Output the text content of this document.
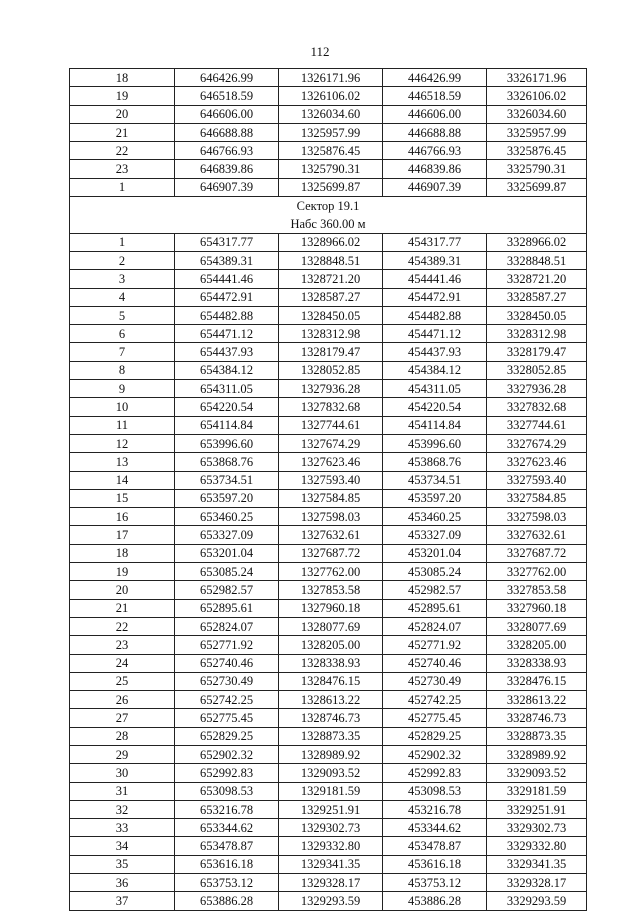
112
18	646426.99	1326171.96	446426.99	3326171.96
19	646518.59	1326106.02	446518.59	3326106.02
20	646606.00	1326034.60	446606.00	3326034.60
21	646688.88	1325957.99	446688.88	3325957.99
22	646766.93	1325876.45	446766.93	3325876.45
23	646839.86	1325790.31	446839.86	3325790.31
1	646907.39	1325699.87	446907.39	3325699.87
Сектор 19.1				
Набс 360.00 м				
1	654317.77	1328966.02	454317.77	3328966.02
2	654389.31	1328848.51	454389.31	3328848.51
3	654441.46	1328721.20	454441.46	3328721.20
4	654472.91	1328587.27	454472.91	3328587.27
5	654482.88	1328450.05	454482.88	3328450.05
6	654471.12	1328312.98	454471.12	3328312.98
7	654437.93	1328179.47	454437.93	3328179.47
8	654384.12	1328052.85	454384.12	3328052.85
9	654311.05	1327936.28	454311.05	3327936.28
10	654220.54	1327832.68	454220.54	3327832.68
11	654114.84	1327744.61	454114.84	3327744.61
12	653996.60	1327674.29	453996.60	3327674.29
13	653868.76	1327623.46	453868.76	3327623.46
14	653734.51	1327593.40	453734.51	3327593.40
15	653597.20	1327584.85	453597.20	3327584.85
16	653460.25	1327598.03	453460.25	3327598.03
17	653327.09	1327632.61	453327.09	3327632.61
18	653201.04	1327687.72	453201.04	3327687.72
19	653085.24	1327762.00	453085.24	3327762.00
20	652982.57	1327853.58	452982.57	3327853.58
21	652895.61	1327960.18	452895.61	3327960.18
22	652824.07	1328077.69	452824.07	3328077.69
23	652771.92	1328205.00	452771.92	3328205.00
24	652740.46	1328338.93	452740.46	3328338.93
25	652730.49	1328476.15	452730.49	3328476.15
26	652742.25	1328613.22	452742.25	3328613.22
27	652775.45	1328746.73	452775.45	3328746.73
28	652829.25	1328873.35	452829.25	3328873.35
29	652902.32	1328989.92	452902.32	3328989.92
30	652992.83	1329093.52	452992.83	3329093.52
31	653098.53	1329181.59	453098.53	3329181.59
32	653216.78	1329251.91	453216.78	3329251.91
33	653344.62	1329302.73	453344.62	3329302.73
34	653478.87	1329332.80	453478.87	3329332.80
35	653616.18	1329341.35	453616.18	3329341.35
36	653753.12	1329328.17	453753.12	3329328.17
37	653886.28	1329293.59	453886.28	3329293.59
